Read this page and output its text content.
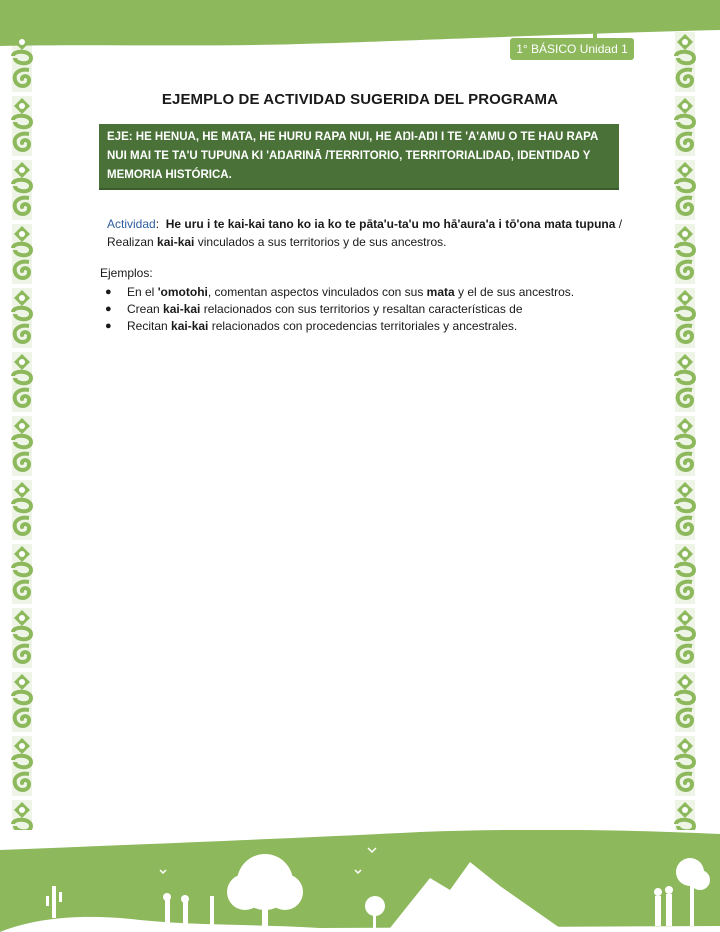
1° BÁSICO Unidad 1
EJEMPLO DE ACTIVIDAD SUGERIDA DEL PROGRAMA
EJE: HE HENUA, HE MATA, HE HURU RAPA NUI, HE AŊI-AŊI I TE 'A'AMU O TE HAU RAPA NUI MAI TE TA'U TUPUNA KI 'AŊARINĀ /TERRITORIO, TERRITORIALIDAD, IDENTIDAD Y MEMORIA HISTÓRICA.
Actividad: He uru i te kai-kai tano ko ia ko te pāta'u-ta'u mo hā'aura'a i tō'ona mata tupuna /
Realizan kai-kai vinculados a sus territorios y de sus ancestros.
Ejemplos:
● En el 'omotohi, comentan aspectos vinculados con sus mata y el de sus ancestros.
● Crean kai-kai relacionados con sus territorios y resaltan características de
● Recitan kai-kai relacionados con procedencias territoriales y ancestrales.
